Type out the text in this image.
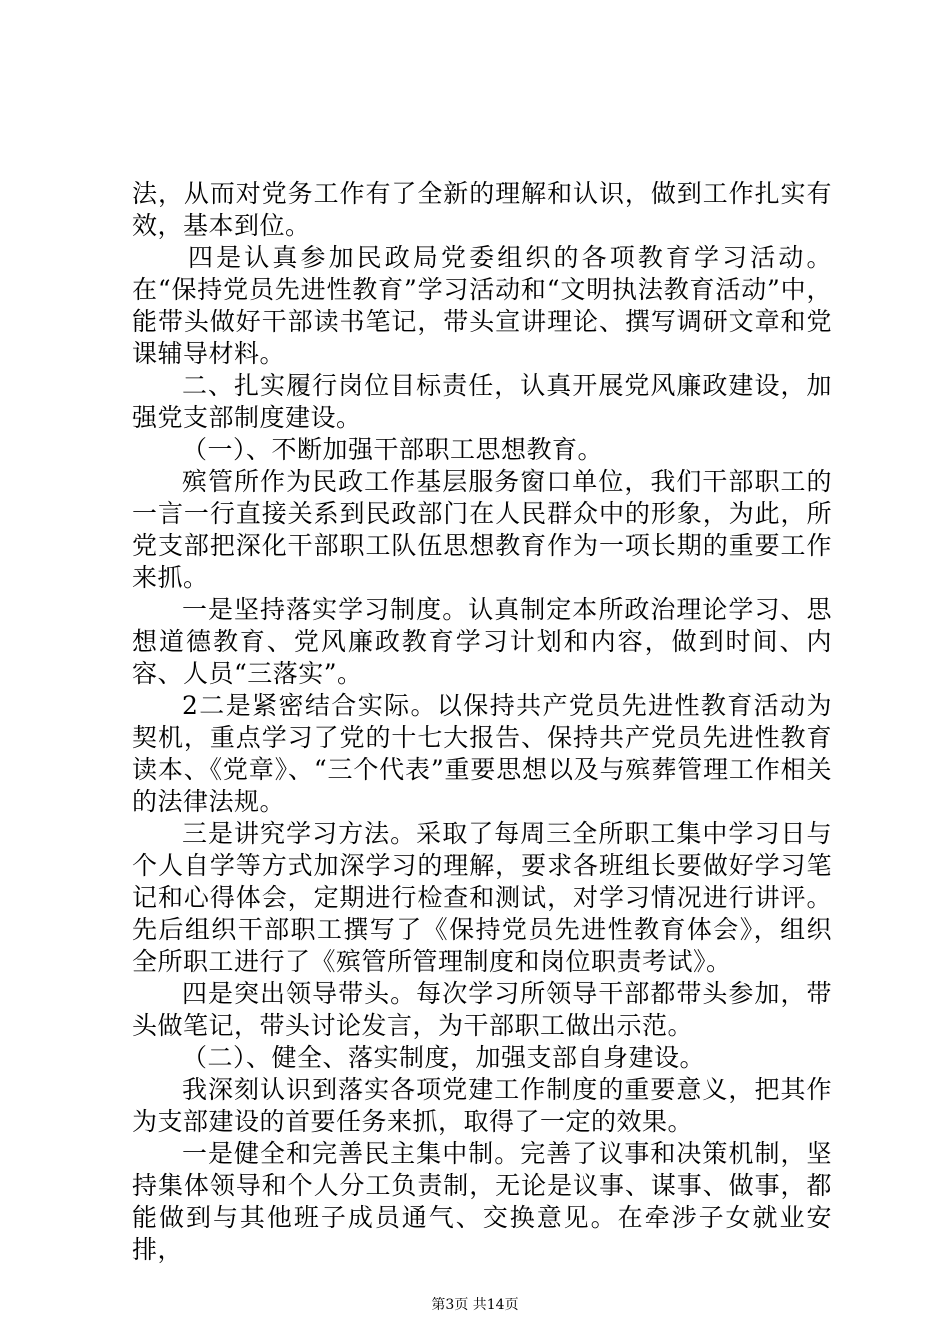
法，从而对党务工作有了全新的理解和认识，做到工作扎实有效，基本到位。

四是认真参加民政局党委组织的各项教育学习活动。在“保持党员先进性教育”学习活动和“文明执法教育活动”中，能带头做好干部读书笔记，带头宣讲理论、撰写调研文章和党课辅导材料。

二、扎实履行岗位目标责任，认真开展党风廉政建设，加强党支部制度建设。

（一）、不断加强干部职工思想教育。

殡管所作为民政工作基层服务窗口单位，我们干部职工的一言一行直接关系到民政部门在人民群众中的形象，为此，所党支部把深化干部职工队伍思想教育作为一项长期的重要工作来抓。

一是坚持落实学习制度。认真制定本所政治理论学习、思想道德教育、党风廉政教育学习计划和内容，做到时间、内容、人员“三落实”。

2二是紧密结合实际。以保持共产党员先进性教育活动为契机，重点学习了党的十七大报告、保持共产党员先进性教育读本、《党章》、“三个代表”重要思想以及与殡葬管理工作相关的法律法规。

三是讲究学习方法。采取了每周三全所职工集中学习日与个人自学等方式加深学习的理解，要求各班组长要做好学习笔记和心得体会，定期进行检查和测试，对学习情况进行讲评。先后组织干部职工撰写了《保持党员先进性教育体会》，组织全所职工进行了《殡管所管理制度和岗位职责考试》。

四是突出领导带头。每次学习所领导干部都带头参加，带头做笔记，带头讨论发言，为干部职工做出示范。

（二）、健全、落实制度，加强支部自身建设。

我深刻认识到落实各项党建工作制度的重要意义，把其作为支部建设的首要任务来抓，取得了一定的效果。

一是健全和完善民主集中制。完善了议事和决策机制，坚持集体领导和个人分工负责制，无论是议事、谋事、做事，都能做到与其他班子成员通气、交换意见。在牵涉子女就业安排，

第3页 共14页
